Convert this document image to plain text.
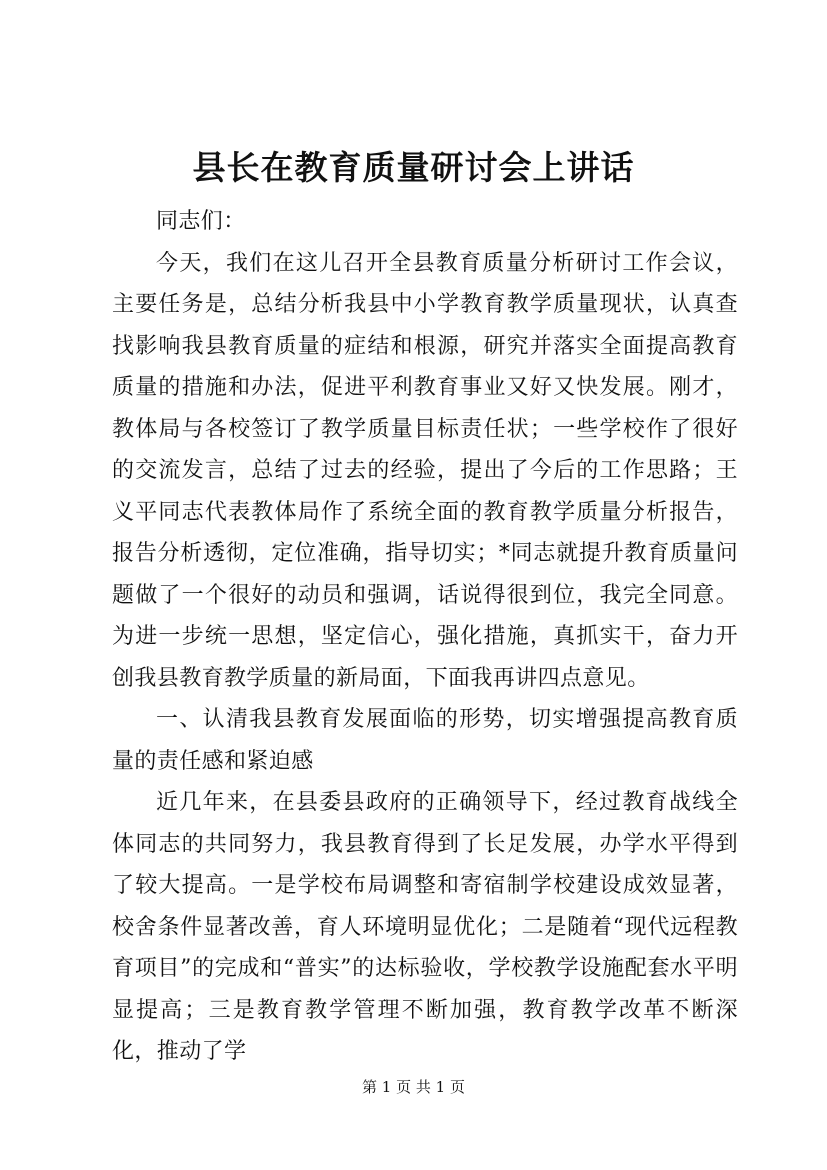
县长在教育质量研讨会上讲话

同志们：

今天，我们在这儿召开全县教育质量分析研讨工作会议，主要任务是，总结分析我县中小学教育教学质量现状，认真查找影响我县教育质量的症结和根源，研究并落实全面提高教育质量的措施和办法，促进平利教育事业又好又快发展。刚才，教体局与各校签订了教学质量目标责任状；一些学校作了很好的交流发言，总结了过去的经验，提出了今后的工作思路；王义平同志代表教体局作了系统全面的教育教学质量分析报告，报告分析透彻，定位准确，指导切实；*同志就提升教育质量问题做了一个很好的动员和强调，话说得很到位，我完全同意。为进一步统一思想，坚定信心，强化措施，真抓实干，奋力开创我县教育教学质量的新局面，下面我再讲四点意见。

一、认清我县教育发展面临的形势，切实增强提高教育质量的责任感和紧迫感

近几年来，在县委县政府的正确领导下，经过教育战线全体同志的共同努力，我县教育得到了长足发展，办学水平得到了较大提高。一是学校布局调整和寄宿制学校建设成效显著，校舍条件显著改善，育人环境明显优化；二是随着“现代远程教育项目”的完成和“普实”的达标验收，学校教学设施配套水平明显提高；三是教育教学管理不断加强，教育教学改革不断深化，推动了学

第 1 页 共 1 页
